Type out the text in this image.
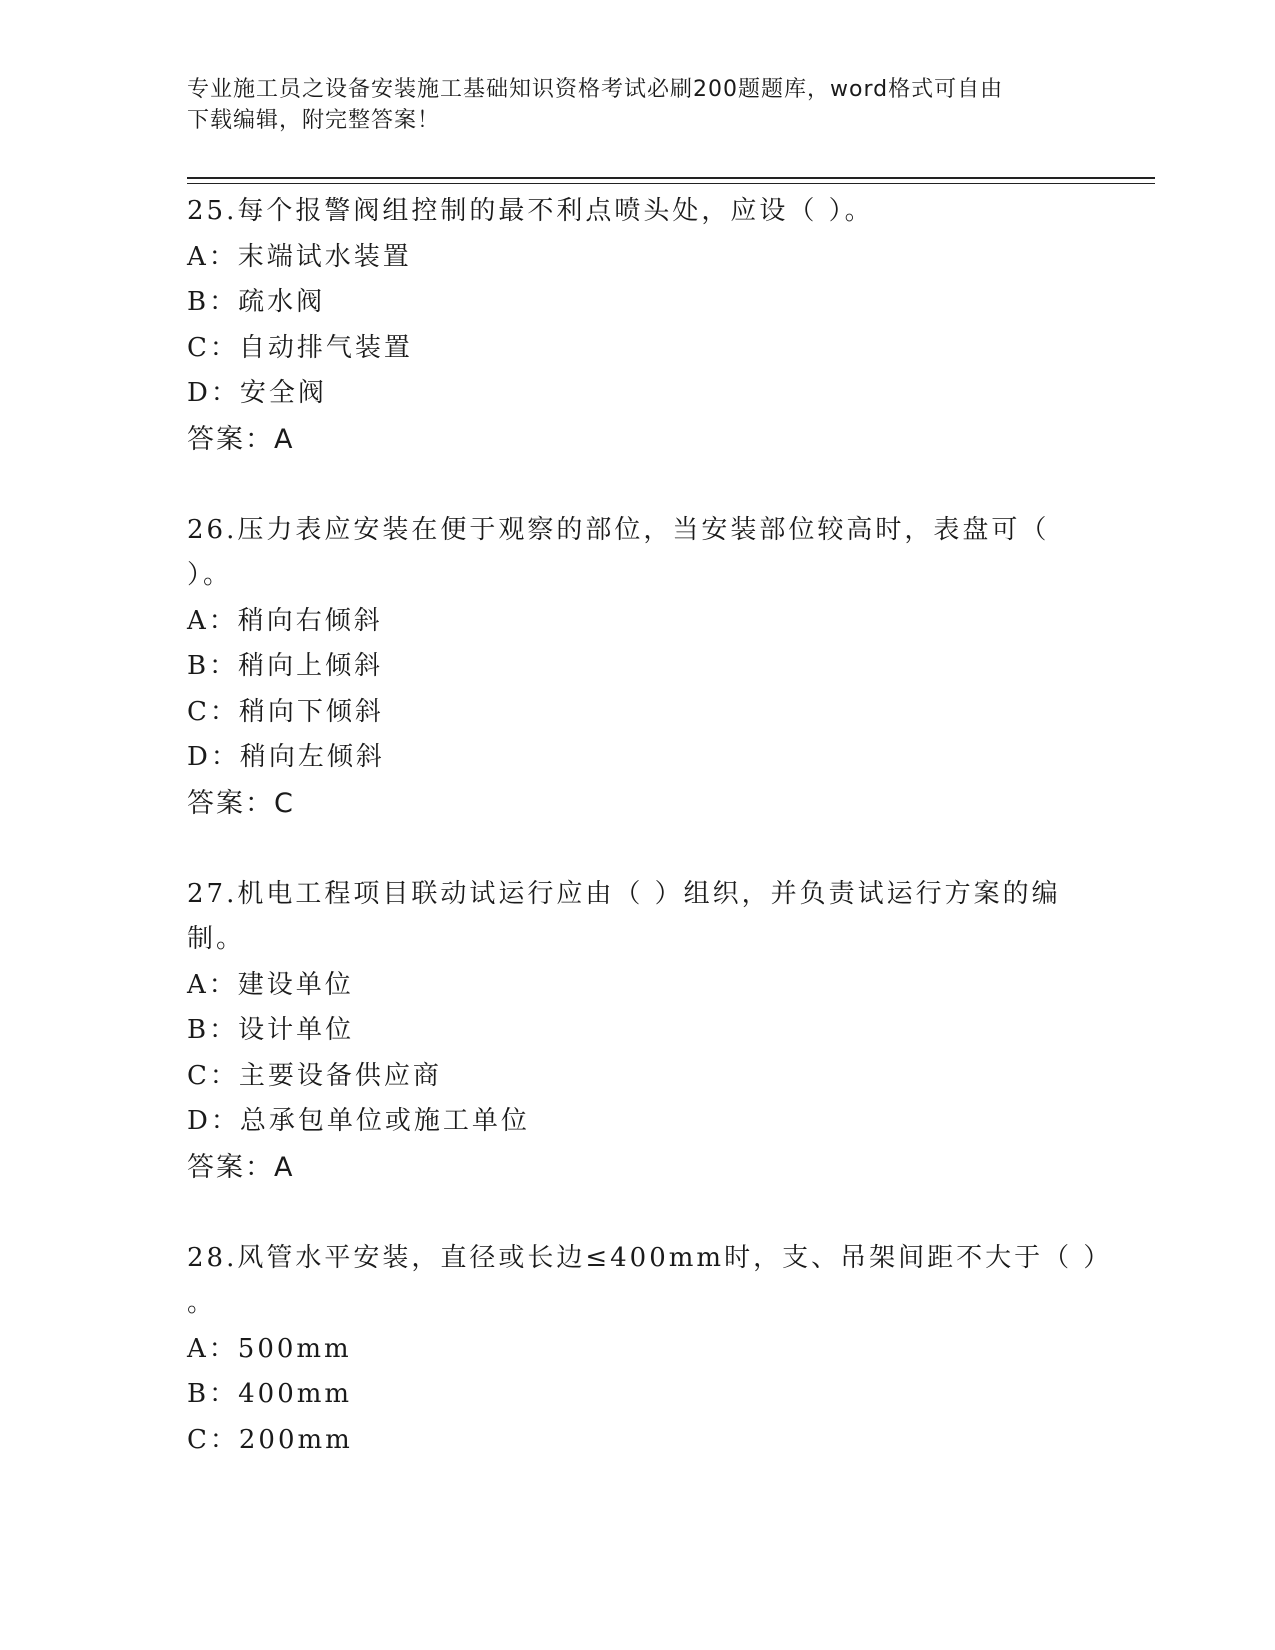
专业施工员之设备安装施工基础知识资格考试必刷200题题库，word格式可自由
下载编辑，附完整答案！
25.每个报警阀组控制的最不利点喷头处，应设（ ）。
A：末端试水装置
B：疏水阀
C：自动排气装置
D：安全阀
答案：A
26.压力表应安装在便于观察的部位，当安装部位较高时，表盘可（
）。
A：稍向右倾斜
B：稍向上倾斜
C：稍向下倾斜
D：稍向左倾斜
答案：C
27.机电工程项目联动试运行应由（ ）组织，并负责试运行方案的编
制。
A：建设单位
B：设计单位
C：主要设备供应商
D：总承包单位或施工单位
答案：A
28.风管水平安装，直径或长边≤400mm时，支、吊架间距不大于（ ）
。
A：500mm
B：400mm
C：200mm
